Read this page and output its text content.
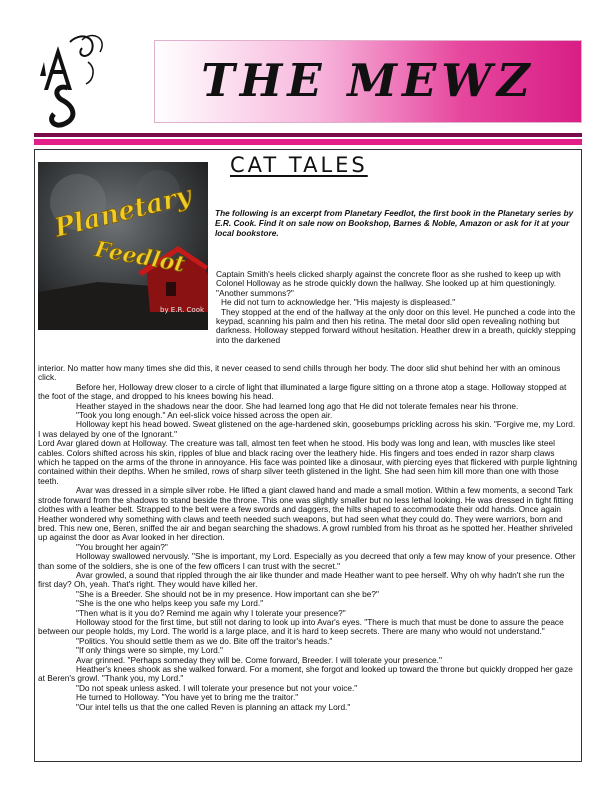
THE MEWZ
CAT TALES
Planetary
Feedlot
by E.R. Cook

The following is an excerpt from Planetary Feedlot, the first book in the Planetary series by E.R. Cook. Find it on sale now on Bookshop, Barnes & Noble, Amazon or ask for it at your local bookstore.

Captain Smith's heels clicked sharply against the concrete floor as she rushed to keep up with Colonel Holloway as he strode quickly down the hallway. She looked up at him questioningly. "Another summons?"

He did not turn to acknowledge her. "His majesty is displeased."

They stopped at the end of the hallway at the only door on this level. He punched a code into the keypad, scanning his palm and then his retina. The metal door slid open revealing nothing but darkness. Holloway stepped forward without hesitation. Heather drew in a breath, quickly stepping into the darkened

interior. No matter how many times she did this, it never ceased to send chills through her body. The door slid shut behind her with an ominous click.

Before her, Holloway drew closer to a circle of light that illuminated a large figure sitting on a throne atop a stage. Holloway stopped at the foot of the stage, and dropped to his knees bowing his head.

Heather stayed in the shadows near the door. She had learned long ago that He did not tolerate females near his throne.

"Took you long enough." An eel-slick voice hissed across the open air.

Holloway kept his head bowed. Sweat glistened on the age-hardened skin, goosebumps prickling across his skin. "Forgive me, my Lord. I was delayed by one of the Ignorant."

Lord Avar glared down at Holloway. The creature was tall, almost ten feet when he stood. His body was long and lean, with muscles like steel cables. Colors shifted across his skin, ripples of blue and black racing over the leathery hide. His fingers and toes ended in razor sharp claws which he tapped on the arms of the throne in annoyance. His face was pointed like a dinosaur, with piercing eyes that flickered with purple lightning contained within their depths. When he smiled, rows of sharp silver teeth glistened in the light. She had seen him kill more than one with those teeth.

Avar was dressed in a simple silver robe. He lifted a giant clawed hand and made a small motion. Within a few moments, a second Tark strode forward from the shadows to stand beside the throne. This one was slightly smaller but no less lethal looking. He was dressed in tight fitting clothes with a leather belt. Strapped to the belt were a few swords and daggers, the hilts shaped to accommodate their odd hands. Once again Heather wondered why something with claws and teeth needed such weapons, but had seen what they could do. They were warriors, born and bred. This new one, Beren, sniffed the air and began searching the shadows. A growl rumbled from his throat as he spotted her. Heather shriveled up against the door as Avar looked in her direction.

"You brought her again?"

Holloway swallowed nervously. "She is important, my Lord. Especially as you decreed that only a few may know of your presence. Other than some of the soldiers, she is one of the few officers I can trust with the secret."

Avar growled, a sound that rippled through the air like thunder and made Heather want to pee herself. Why oh why hadn't she run the first day? Oh, yeah. That's right. They would have killed her.

"She is a Breeder. She should not be in my presence. How important can she be?"

"She is the one who helps keep you safe my Lord."

"Then what is it you do? Remind me again why I tolerate your presence?"

Holloway stood for the first time, but still not daring to look up into Avar's eyes. "There is much that must be done to assure the peace between our people holds, my Lord. The world is a large place, and it is hard to keep secrets. There are many who would not understand."

"Politics. You should settle them as we do. Bite off the traitor's heads."

"If only things were so simple, my Lord."

Avar grinned. "Perhaps someday they will be. Come forward, Breeder. I will tolerate your presence."

Heather's knees shook as she walked forward. For a moment, she forgot and looked up toward the throne but quickly dropped her gaze at Beren's growl. "Thank you, my Lord."

"Do not speak unless asked. I will tolerate your presence but not your voice."

He turned to Holloway. "You have yet to bring me the traitor."

"Our intel tells us that the one called Reven is planning an attack my Lord."
